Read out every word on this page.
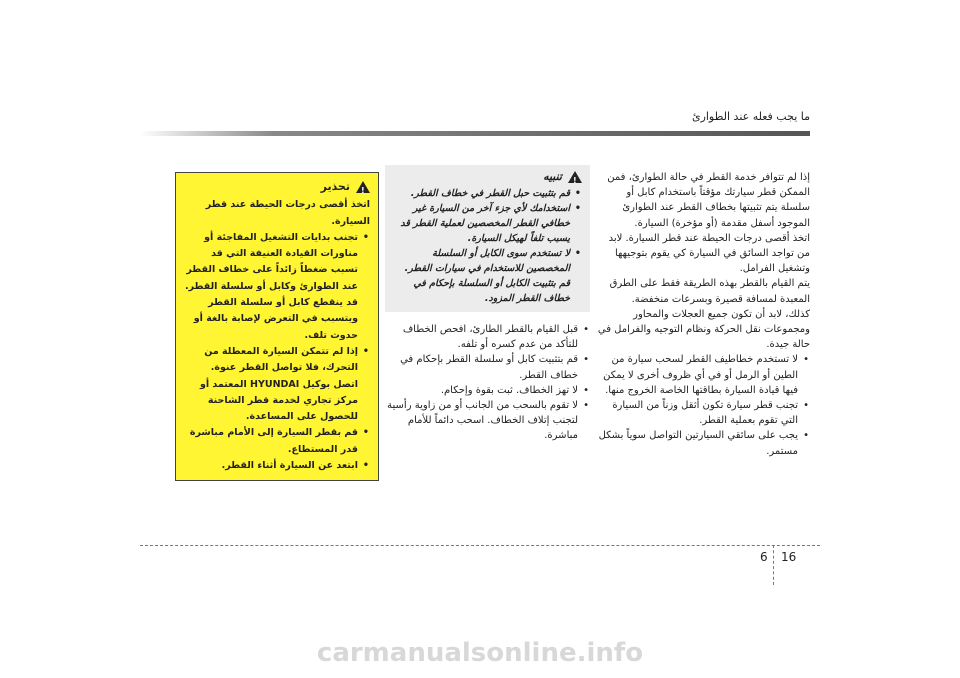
ما يجب فعله عند الطوارئ

إذا لم تتوافر خدمة القطر في حالة الطوارئ، فمن الممكن قطر سيارتك مؤقتاً باستخدام كابل أو سلسلة يتم تثبيتها بخطاف القطر عند الطوارئ الموجود أسفل مقدمة (أو مؤخرة) السيارة.

اتخذ أقصى درجات الحيطة عند قطر السيارة. لابد من تواجد السائق في السيارة كي يقوم بتوجيهها وتشغيل الفرامل.

يتم القيام بالقطر بهذه الطريقة فقط على الطرق المعبدة لمسافة قصيرة وبسرعات منخفضة.

كذلك، لابد أن تكون جميع العجلات والمحاور ومجموعات نقل الحركة ونظام التوجيه والفرامل في حالة جيدة.

• لا تستخدم خطاطيف القطر لسحب سيارة من الطين أو الرمل أو في أي ظروف أخرى لا يمكن فيها قيادة السيارة بطاقتها الخاصة الخروج منها.
• تجنب قطر سيارة تكون أثقل وزناً من السيارة التي تقوم بعملية القطر.
• يجب على سائقي السيارتين التواصل سوياً بشكل مستمر.
!
تنبيه
• قم بتثبيت حبل القطر في خطاف القطر.
• استخدامك لأي جزء آخر من السيارة غير خطافي القطر المخصصين لعملية القطر قد يسبب تلفاً لهيكل السيارة.
• لا تستخدم سوى الكابل أو السلسلة المخصصين للاستخدام في سيارات القطر. قم بتثبيت الكابل أو السلسلة بإحكام في خطاف القطر المزود.
• قبل القيام بالقطر الطارئ، افحص الخطاف للتأكد من عدم كسره أو تلفه.
• قم بتثبيت كابل أو سلسلة القطر بإحكام في خطاف القطر.
• لا تهز الخطاف. ثبت بقوة وإحكام.
• لا تقوم بالسحب من الجانب أو من زاوية رأسية لتجنب إتلاف الخطاف. اسحب دائماً للأمام مباشرة.
!
تحذير

اتخذ أقصى درجات الحيطة عند قطر السيارة.

• تجنب بدايات التشغيل المفاجئة أو مناورات القيادة العنيفة التي قد تسبب ضغطاً زائداً على خطاف القطر عند الطوارئ وكابل أو سلسلة القطر. قد ينقطع كابل أو سلسلة القطر ويتسبب في التعرض لإصابة بالغة أو حدوث تلف.
• إذا لم تتمكن السيارة المعطلة من التحرك، فلا تواصل القطر عنوة. اتصل بوكيل HYUNDAI المعتمد أو مركز تجاري لخدمة قطر الشاحنة للحصول على المساعدة.
• قم بقطر السيارة إلى الأمام مباشرة قدر المستطاع.
• ابتعد عن السيارة أثناء القطر.
6 16
carmanualsonline.info
